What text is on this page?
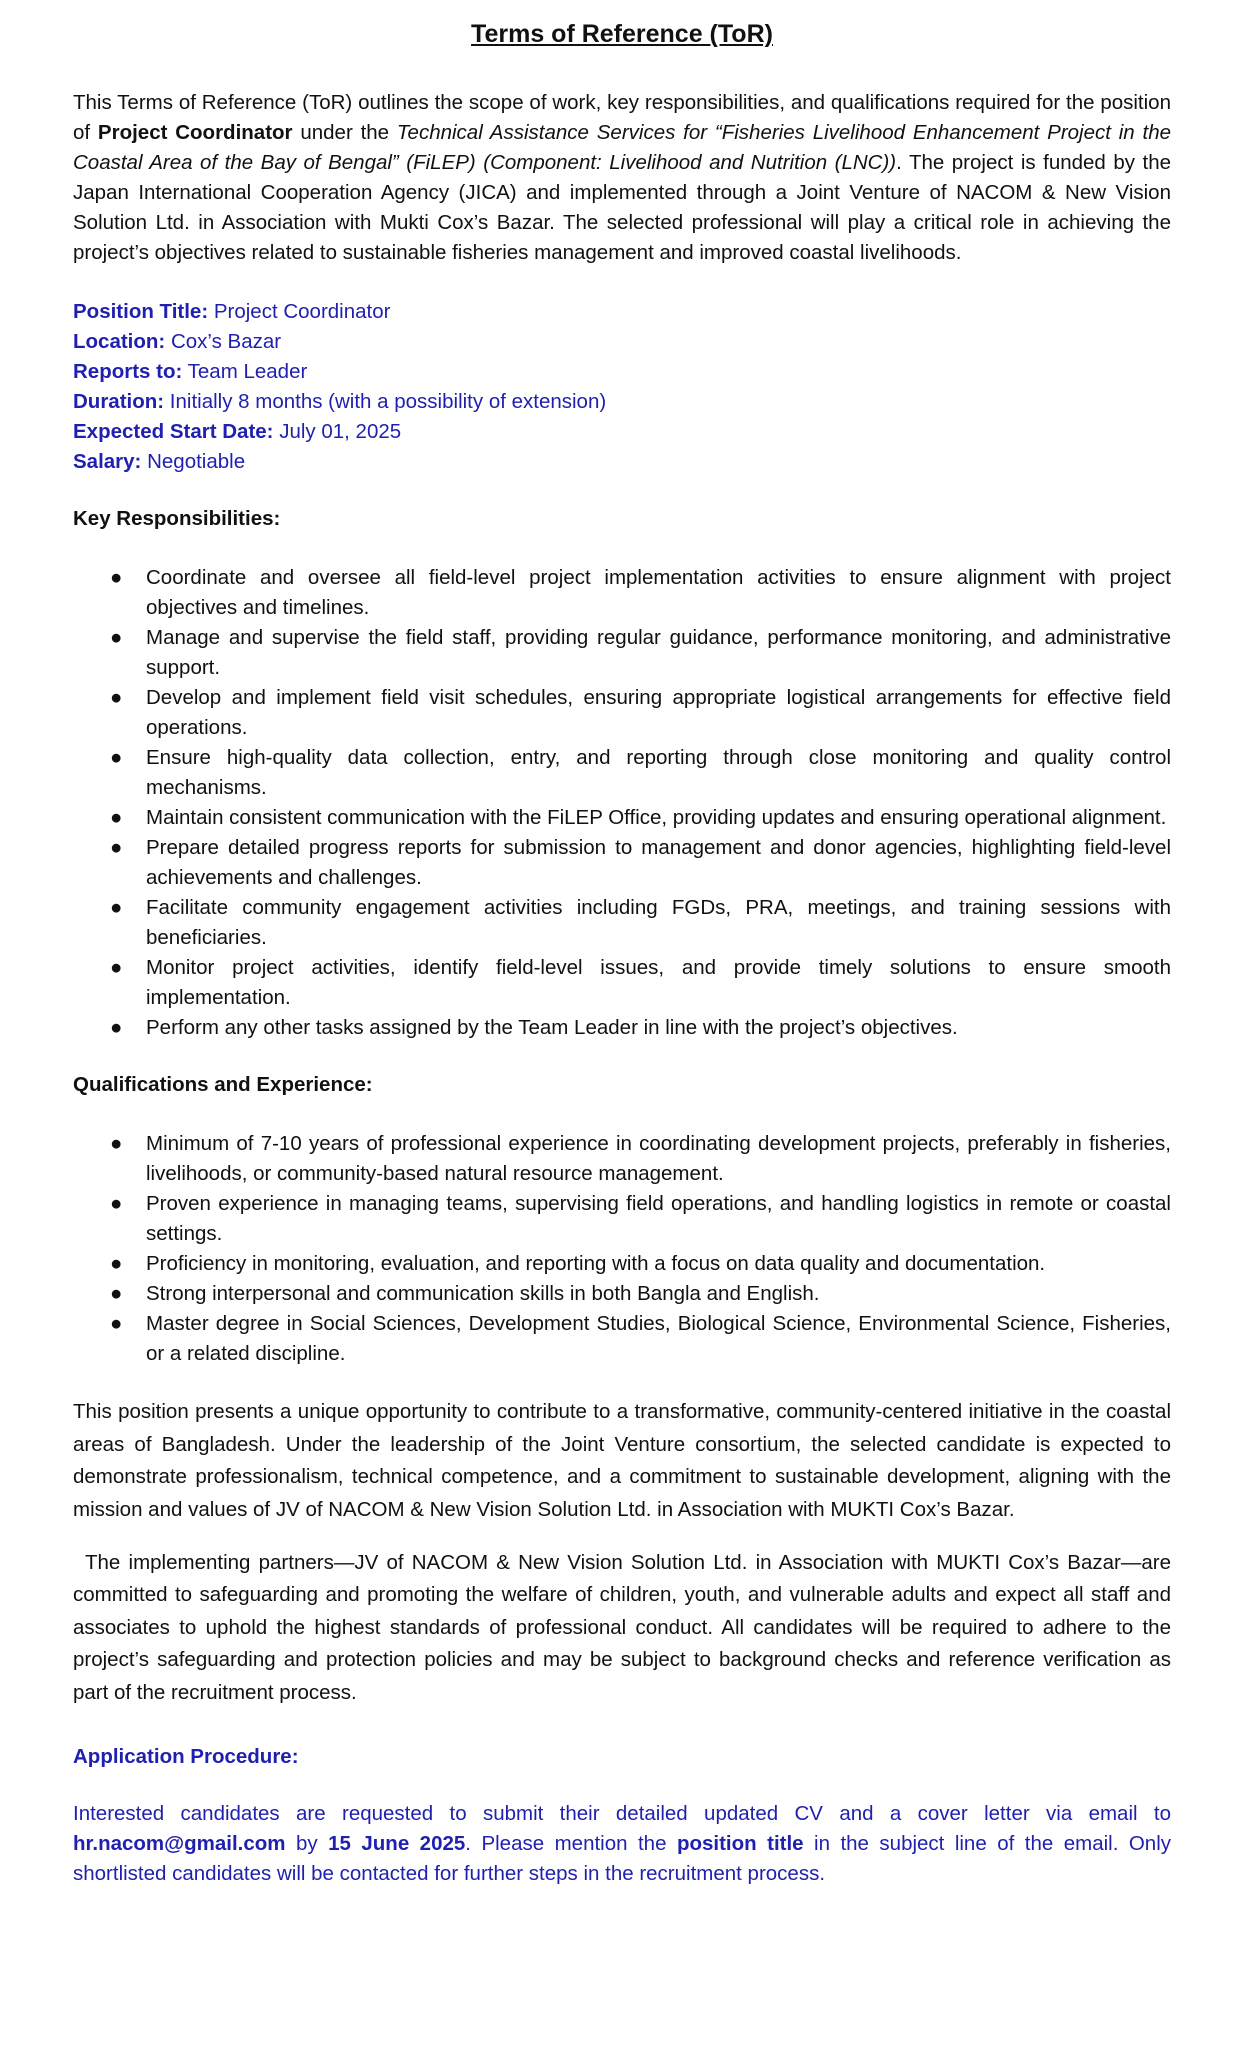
Terms of Reference (ToR)

This Terms of Reference (ToR) outlines the scope of work, key responsibilities, and qualifications required for the position of Project Coordinator under the Technical Assistance Services for “Fisheries Livelihood Enhancement Project in the Coastal Area of the Bay of Bengal” (FiLEP) (Component: Livelihood and Nutrition (LNC)). The project is funded by the Japan International Cooperation Agency (JICA) and implemented through a Joint Venture of NACOM & New Vision Solution Ltd. in Association with Mukti Cox’s Bazar. The selected professional will play a critical role in achieving the project’s objectives related to sustainable fisheries management and improved coastal livelihoods.

Position Title: Project Coordinator
Location: Cox’s Bazar
Reports to: Team Leader
Duration: Initially 8 months (with a possibility of extension)
Expected Start Date: July 01, 2025
Salary: Negotiable
Key Responsibilities:
● Coordinate and oversee all field-level project implementation activities to ensure alignment with project objectives and timelines.
● Manage and supervise the field staff, providing regular guidance, performance monitoring, and administrative support.
● Develop and implement field visit schedules, ensuring appropriate logistical arrangements for effective field operations.
● Ensure high-quality data collection, entry, and reporting through close monitoring and quality control mechanisms.
● Maintain consistent communication with the FiLEP Office, providing updates and ensuring operational alignment.
● Prepare detailed progress reports for submission to management and donor agencies, highlighting field-level achievements and challenges.
● Facilitate community engagement activities including FGDs, PRA, meetings, and training sessions with beneficiaries.
● Monitor project activities, identify field-level issues, and provide timely solutions to ensure smooth implementation.
● Perform any other tasks assigned by the Team Leader in line with the project’s objectives.
Qualifications and Experience:
● Minimum of 7-10 years of professional experience in coordinating development projects, preferably in fisheries, livelihoods, or community-based natural resource management.
● Proven experience in managing teams, supervising field operations, and handling logistics in remote or coastal settings.
● Proficiency in monitoring, evaluation, and reporting with a focus on data quality and documentation.
● Strong interpersonal and communication skills in both Bangla and English.
● Master degree in Social Sciences, Development Studies, Biological Science, Environmental Science, Fisheries, or a related discipline.

This position presents a unique opportunity to contribute to a transformative, community-centered initiative in the coastal areas of Bangladesh. Under the leadership of the Joint Venture consortium, the selected candidate is expected to demonstrate professionalism, technical competence, and a commitment to sustainable development, aligning with the mission and values of JV of NACOM & New Vision Solution Ltd. in Association with MUKTI Cox’s Bazar.

The implementing partners—JV of NACOM & New Vision Solution Ltd. in Association with MUKTI Cox’s Bazar—are committed to safeguarding and promoting the welfare of children, youth, and vulnerable adults and expect all staff and associates to uphold the highest standards of professional conduct. All candidates will be required to adhere to the project’s safeguarding and protection policies and may be subject to background checks and reference verification as part of the recruitment process.

Application Procedure:

Interested candidates are requested to submit their detailed updated CV and a cover letter via email to hr.nacom@gmail.com by 15 June 2025. Please mention the position title in the subject line of the email. Only shortlisted candidates will be contacted for further steps in the recruitment process.
